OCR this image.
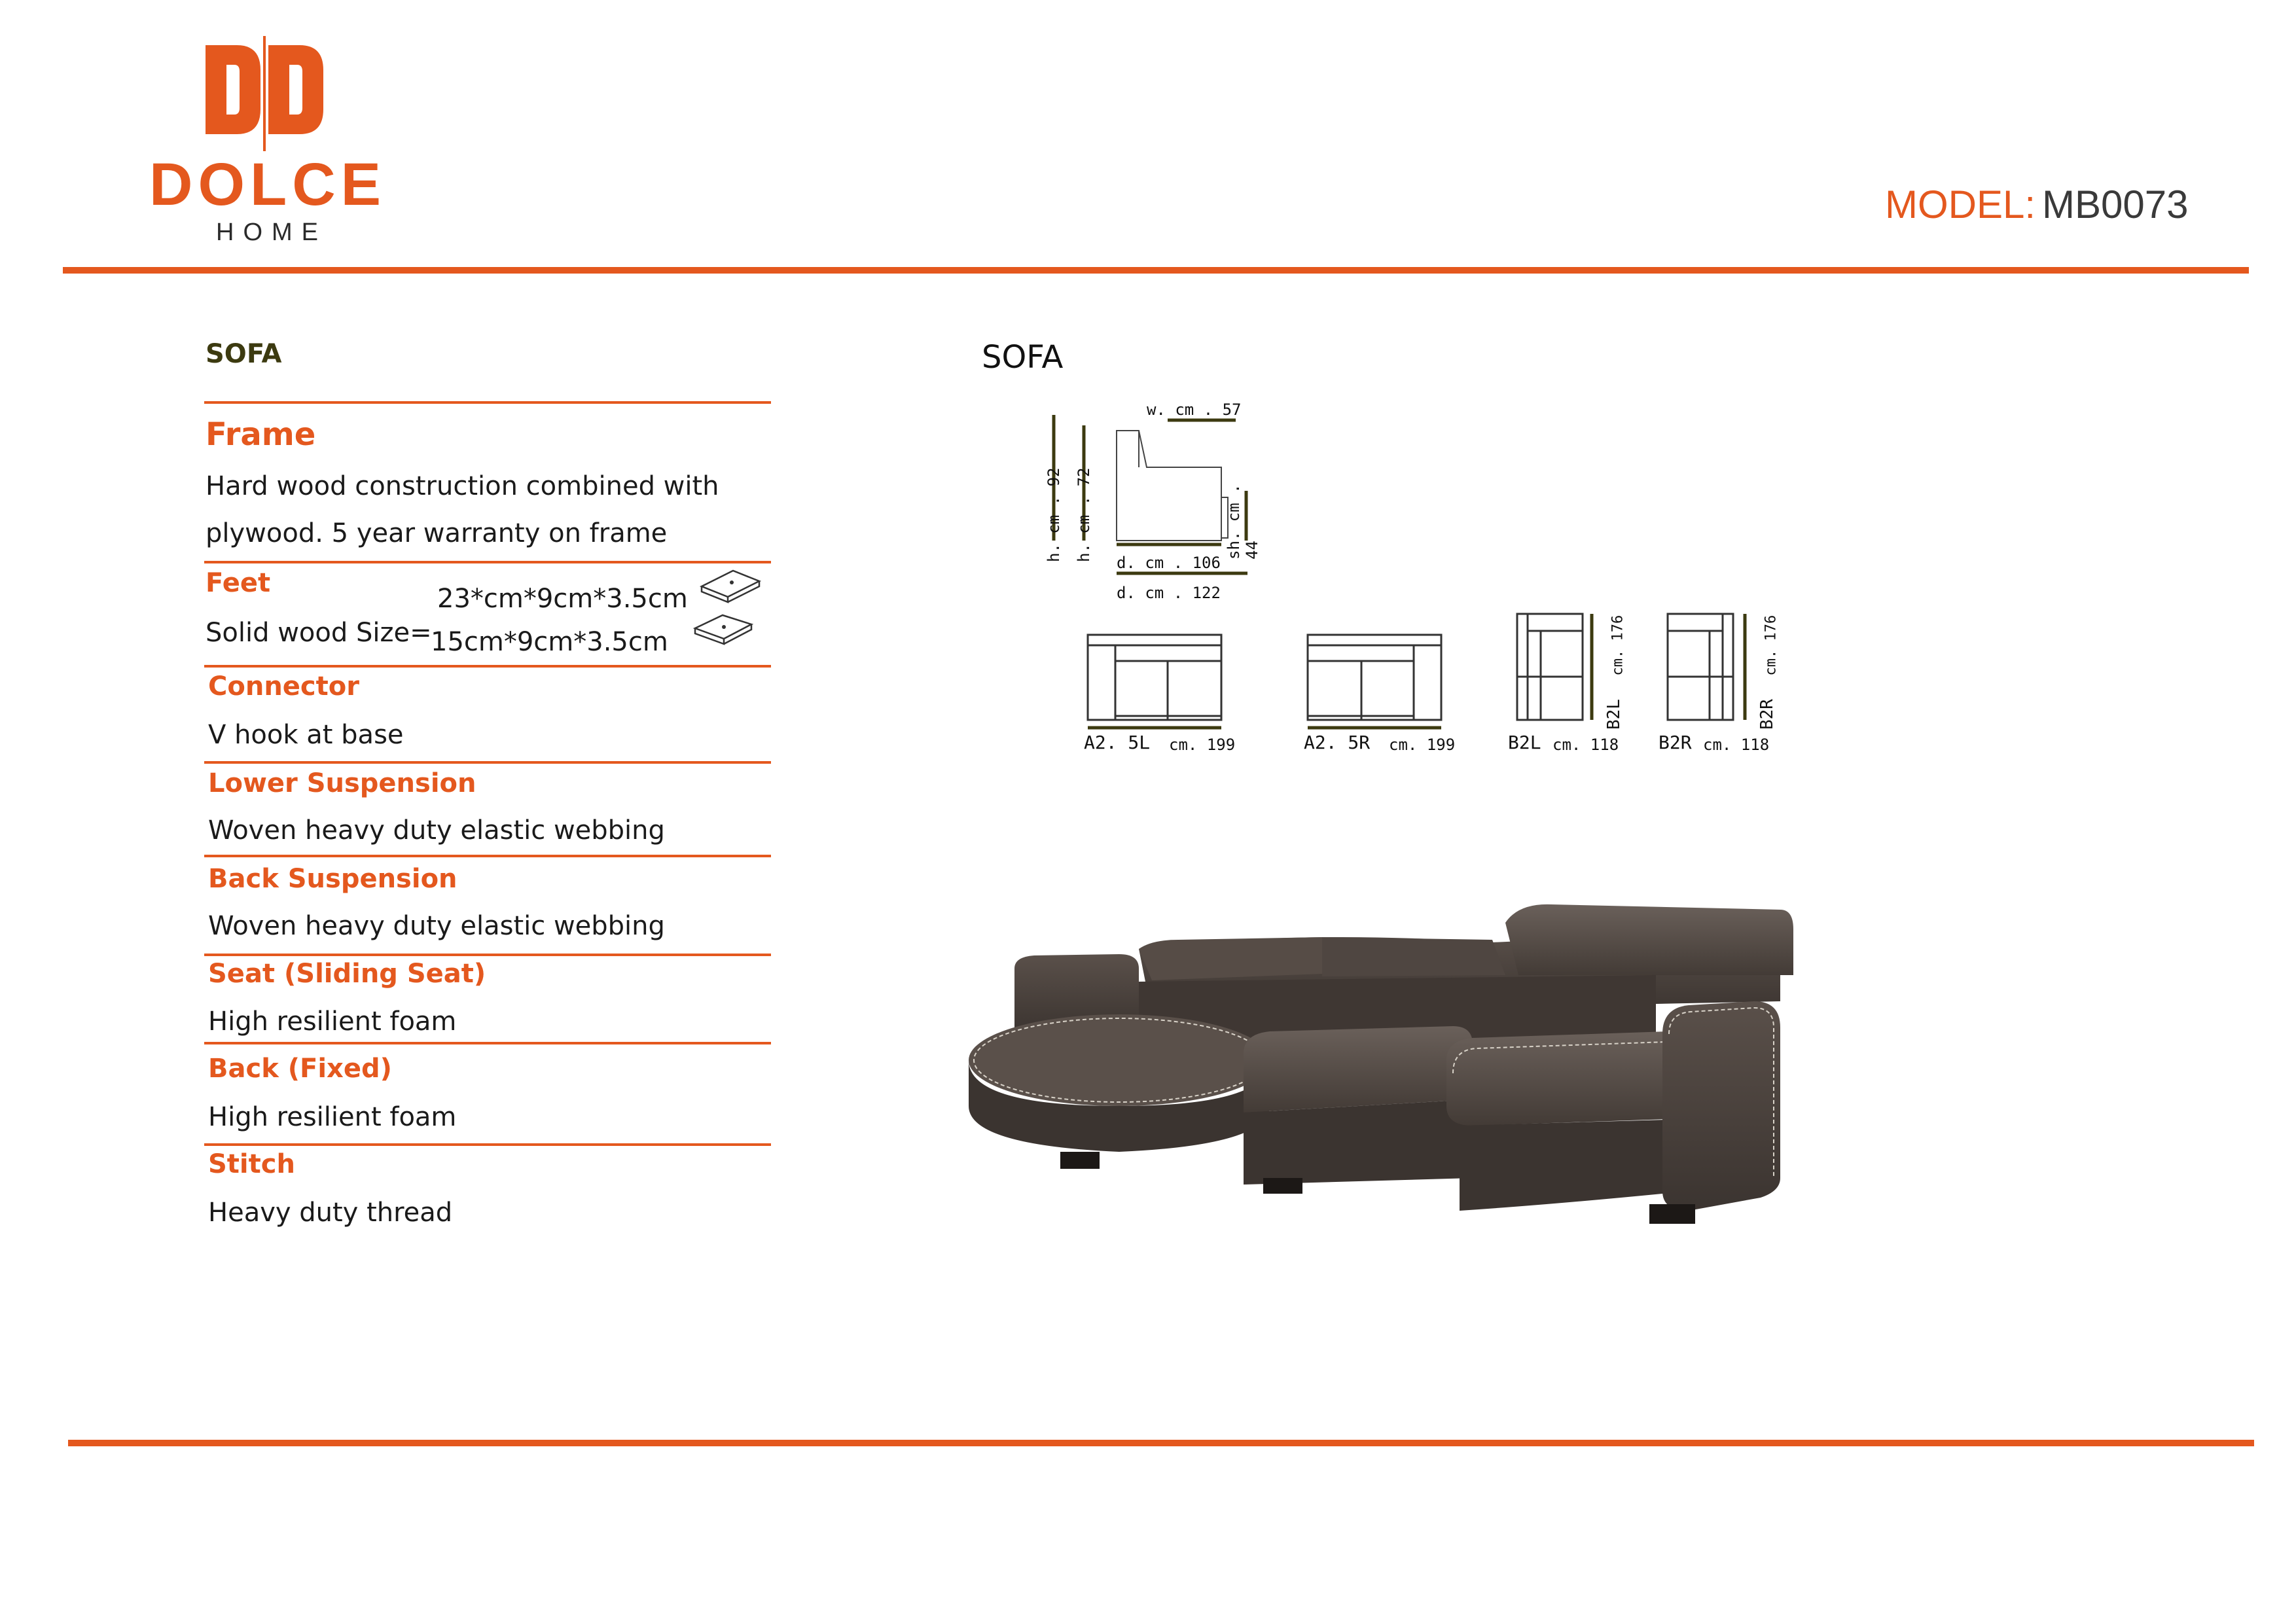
DOLCE
HOME
MODEL: MB0073
SOFA
Frame
Hard wood construction combined with
plywood. 5 year warranty on frame
Feet
Solid wood Size=
23*cm*9cm*3.5cm
15cm*9cm*3.5cm
Connector
V hook at base
Lower Suspension
Woven heavy duty elastic webbing
Back Suspension
Woven heavy duty elastic webbing
Seat (Sliding Seat)
High resilient foam
Back (Fixed)
High resilient foam
Stitch
Heavy duty thread
SOFA
w. cm . 57
h. cm . 92 h. cm . 72	sh. cm . 44
d. cm . 106
d. cm . 122
A2. 5L cm. 199	A2. 5R cm. 199	B2L cm. 118
B2L
cm. 176
B2R cm. 118
B2R
cm. 176
